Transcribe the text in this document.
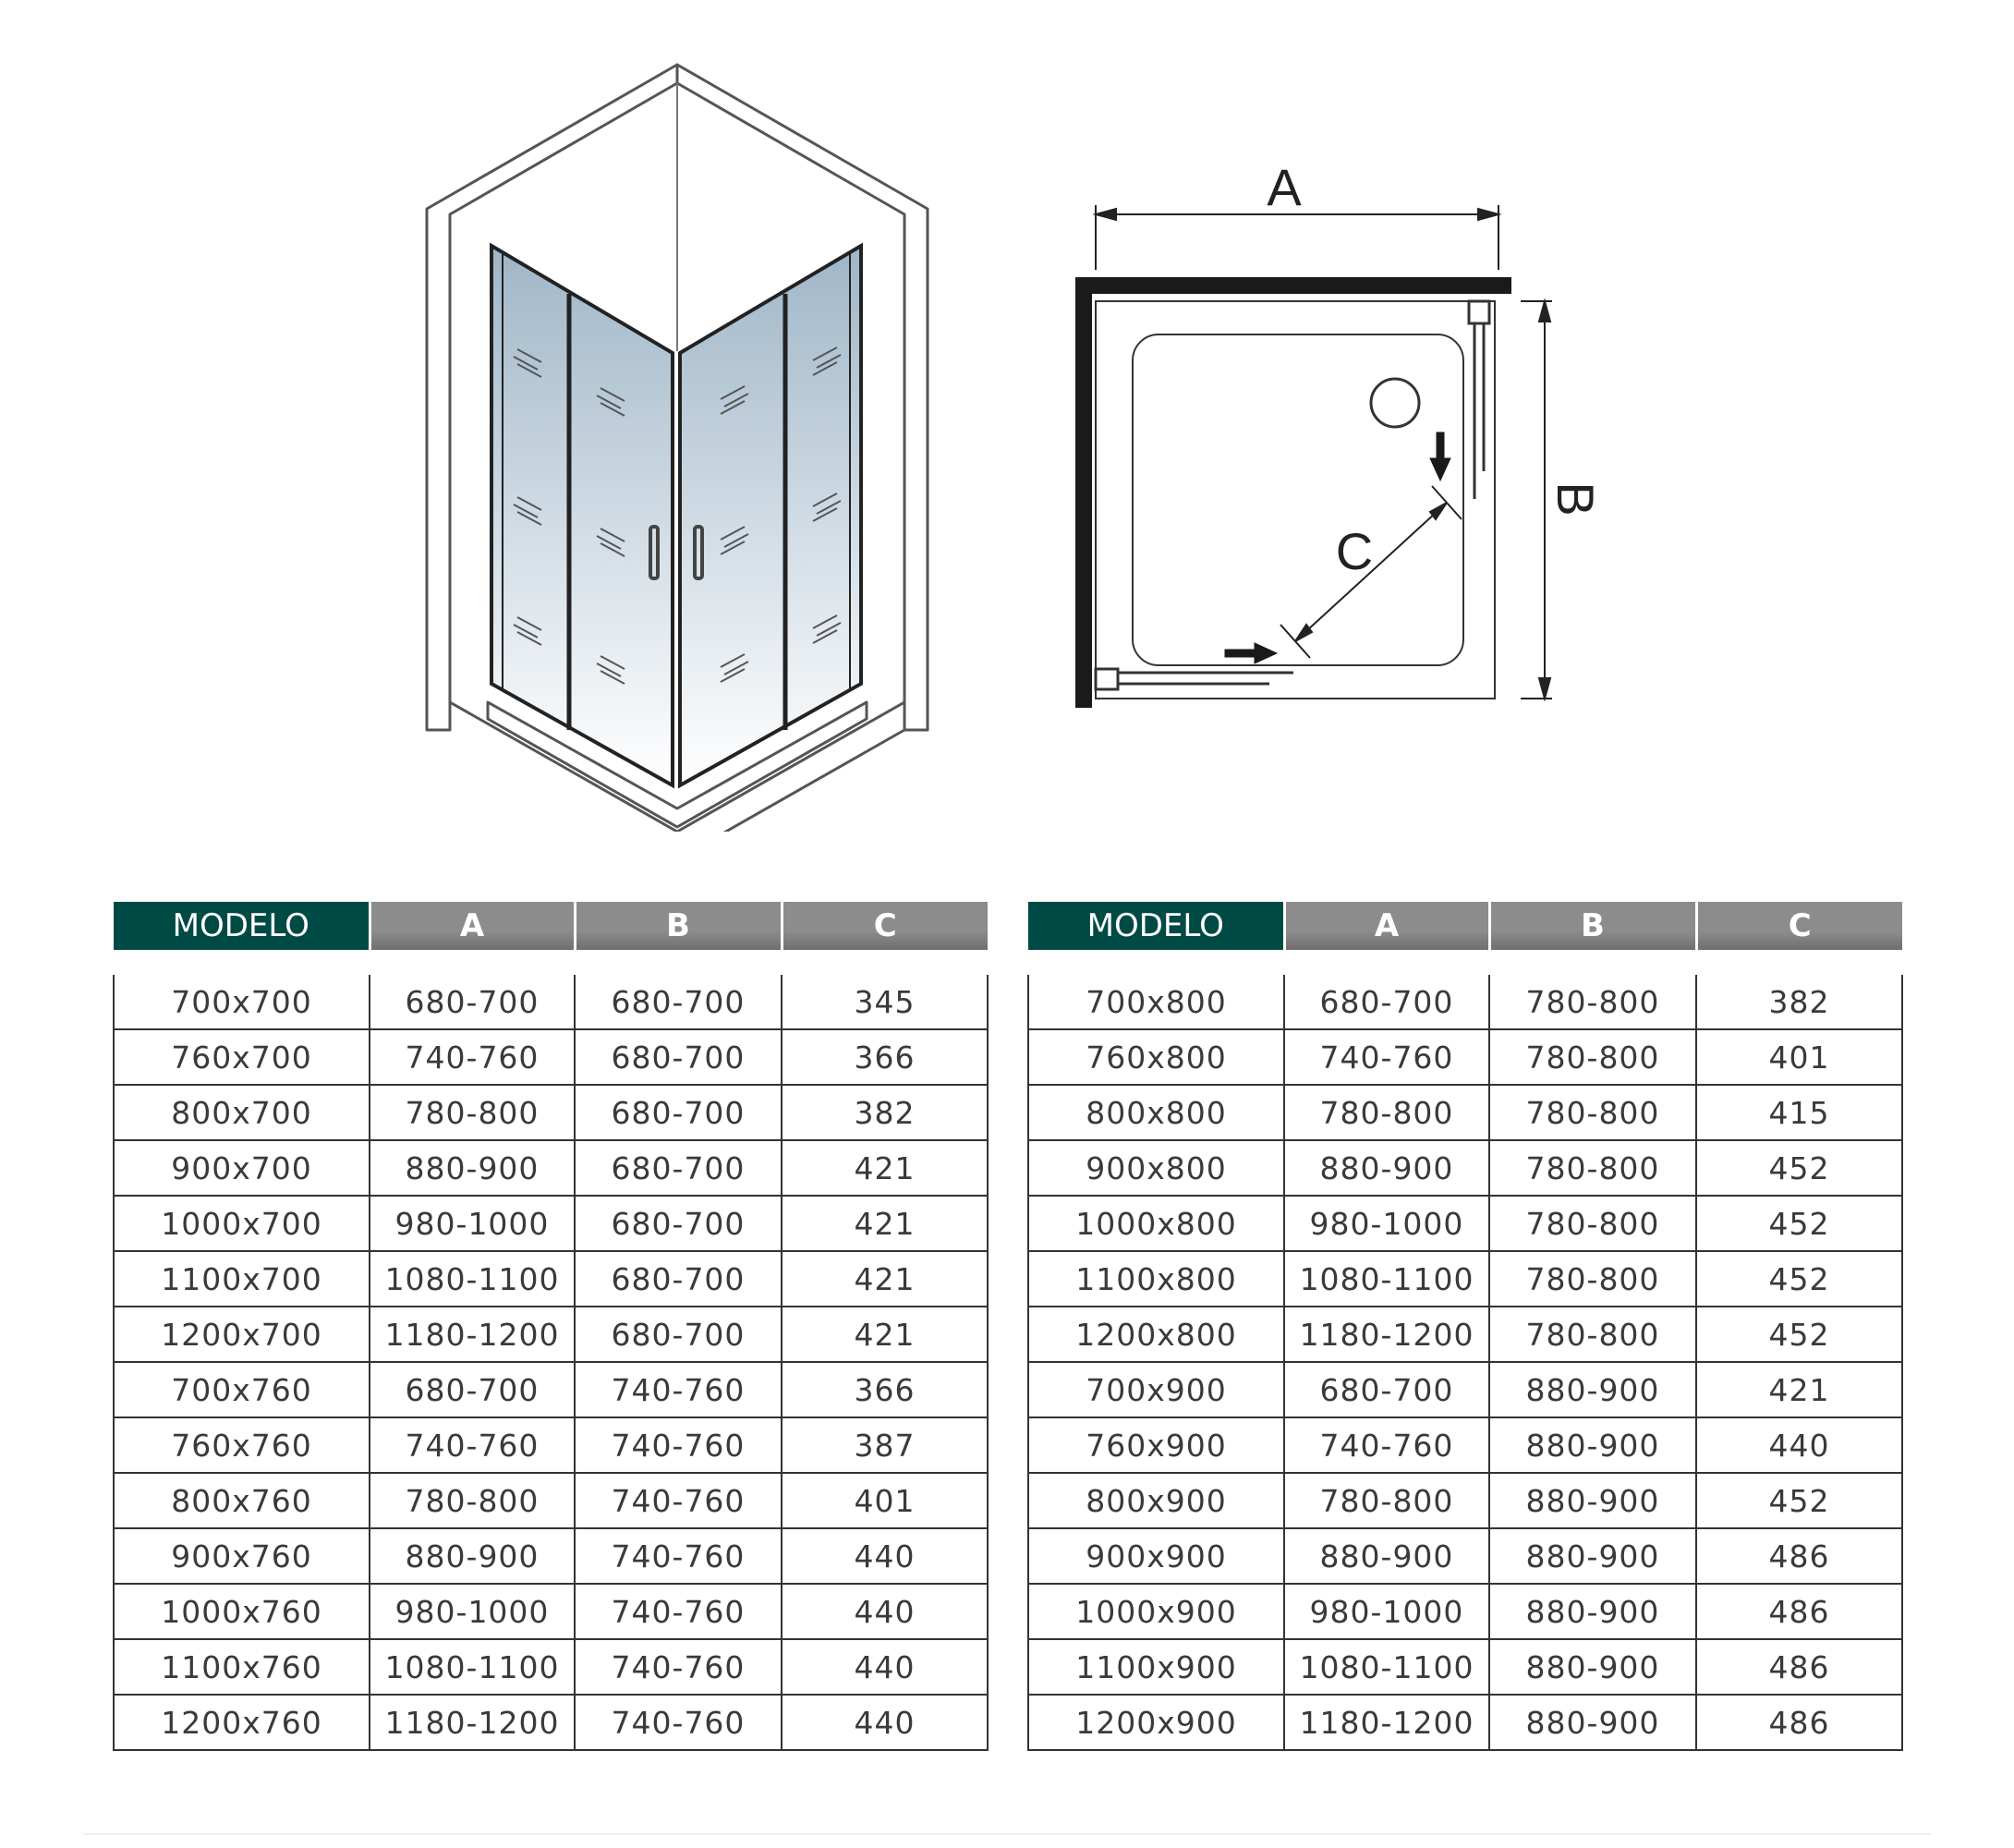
A
B
C
MODELO	A	B	C
700x700	680-700	680-700	345
760x700	740-760	680-700	366
800x700	780-800	680-700	382
900x700	880-900	680-700	421
1000x700	980-1000	680-700	421
1100x700	1080-1100	680-700	421
1200x700	1180-1200	680-700	421
700x760	680-700	740-760	366
760x760	740-760	740-760	387
800x760	780-800	740-760	401
900x760	880-900	740-760	440
1000x760	980-1000	740-760	440
1100x760	1080-1100	740-760	440
1200x760	1180-1200	740-760	440
MODELO	A	B	C
700x800	680-700	780-800	382
760x800	740-760	780-800	401
800x800	780-800	780-800	415
900x800	880-900	780-800	452
1000x800	980-1000	780-800	452
1100x800	1080-1100	780-800	452
1200x800	1180-1200	780-800	452
700x900	680-700	880-900	421
760x900	740-760	880-900	440
800x900	780-800	880-900	452
900x900	880-900	880-900	486
1000x900	980-1000	880-900	486
1100x900	1080-1100	880-900	486
1200x900	1180-1200	880-900	486
